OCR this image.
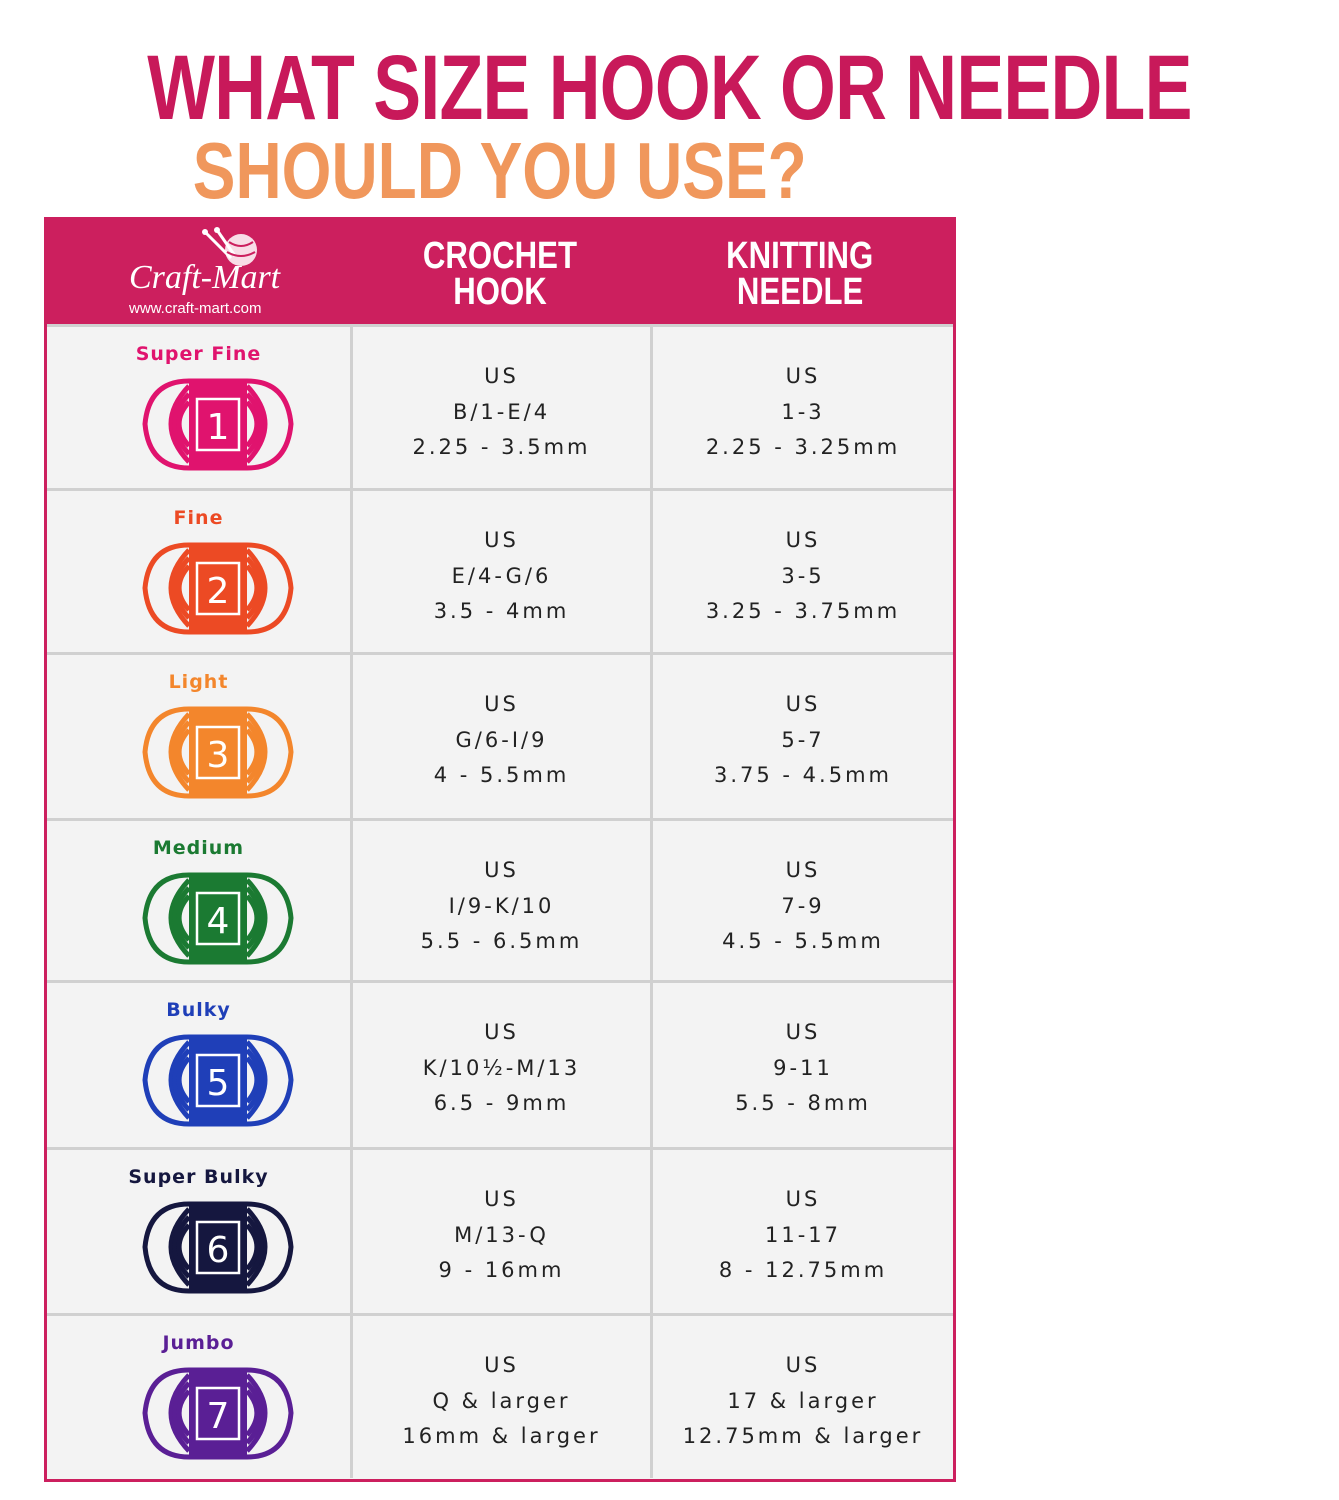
WHAT SIZE HOOK OR NEEDLE
SHOULD YOU USE?
Craft-Mart
www.craft-mart.com
CROCHET
HOOK
KNITTING
NEEDLE
Super Fine
1
US
B/1-E/4
2.25 - 3.5mm
US
1-3
2.25 - 3.25mm
Fine
2
US
E/4-G/6
3.5 - 4mm
US
3-5
3.25 - 3.75mm
Light
3
US
G/6-I/9
4 - 5.5mm
US
5-7
3.75 - 4.5mm
Medium
4
US
I/9-K/10
5.5 - 6.5mm
US
7-9
4.5 - 5.5mm
Bulky
5
US
K/10½-M/13
6.5 - 9mm
US
9-11
5.5 - 8mm
Super Bulky
6
US
M/13-Q
9 - 16mm
US
11-17
8 - 12.75mm
Jumbo
7
US
Q & larger
16mm & larger
US
17 & larger
12.75mm & larger
